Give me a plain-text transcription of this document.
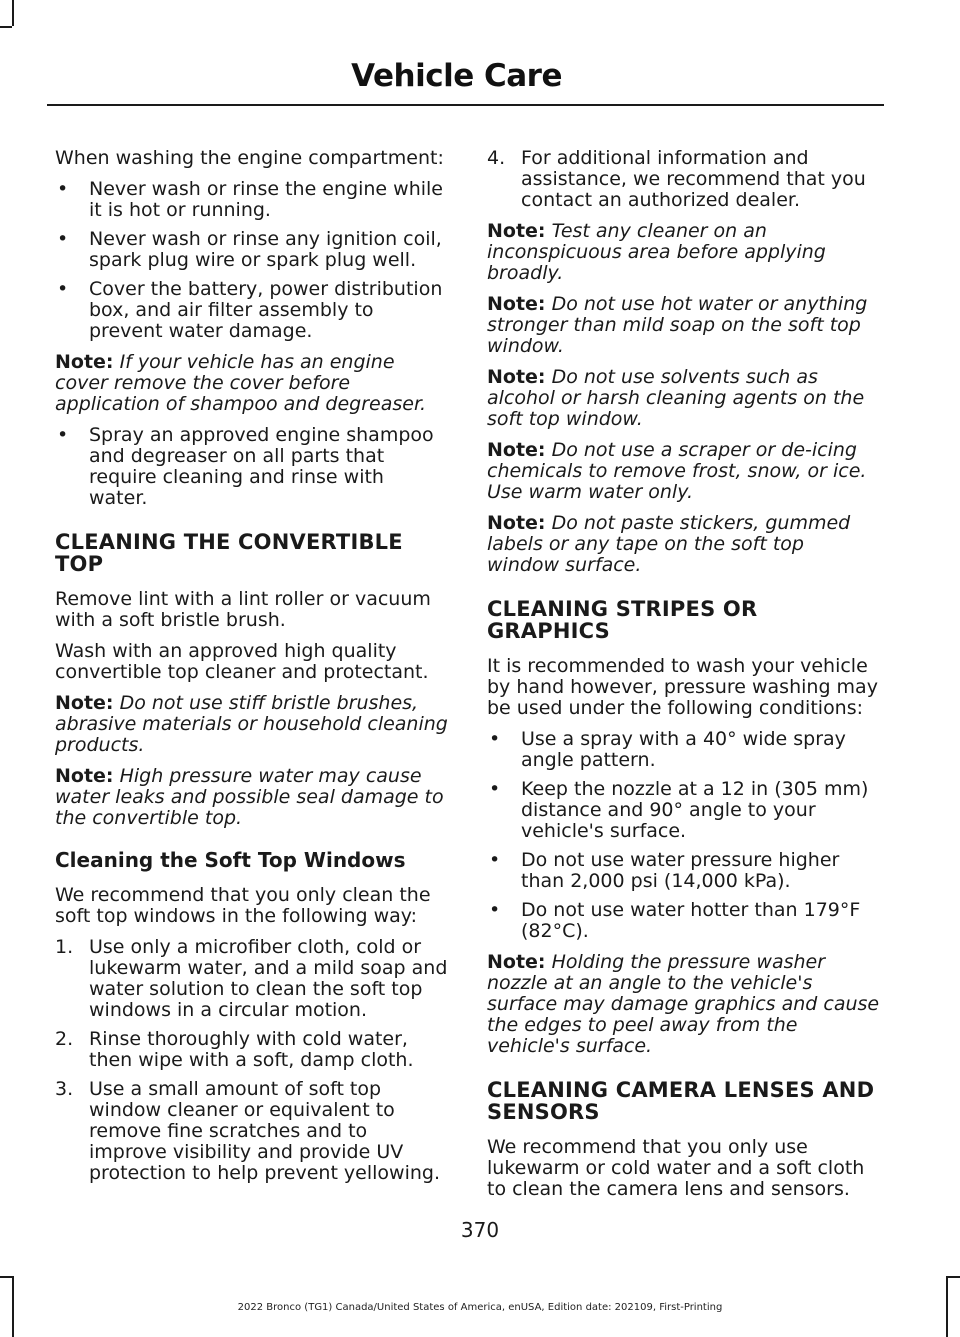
Vehicle Care

When washing the engine compartment:

• Never wash or rinse the engine while it is hot or running.
• Never wash or rinse any ignition coil, spark plug wire or spark plug well.
• Cover the battery, power distribution box, and air filter assembly to prevent water damage.

Note: If your vehicle has an engine cover remove the cover before application of shampoo and degreaser.

• Spray an approved engine shampoo and degreaser on all parts that require cleaning and rinse with water.
CLEANING THE CONVERTIBLE TOP

Remove lint with a lint roller or vacuum with a soft bristle brush.

Wash with an approved high quality convertible top cleaner and protectant.

Note: Do not use stiff bristle brushes, abrasive materials or household cleaning products.

Note: High pressure water may cause water leaks and possible seal damage to the convertible top.

Cleaning the Soft Top Windows

We recommend that you only clean the soft top windows in the following way:

1. Use only a microfiber cloth, cold or lukewarm water, and a mild soap and water solution to clean the soft top windows in a circular motion.
2. Rinse thoroughly with cold water, then wipe with a soft, damp cloth.
3. Use a small amount of soft top window cleaner or equivalent to remove fine scratches and to improve visibility and provide UV protection to help prevent yellowing.
4. For additional information and assistance, we recommend that you contact an authorized dealer.

Note: Test any cleaner on an inconspicuous area before applying broadly.

Note: Do not use hot water or anything stronger than mild soap on the soft top window.

Note: Do not use solvents such as alcohol or harsh cleaning agents on the soft top window.

Note: Do not use a scraper or de-icing chemicals to remove frost, snow, or ice. Use warm water only.

Note: Do not paste stickers, gummed labels or any tape on the soft top window surface.

CLEANING STRIPES OR GRAPHICS

It is recommended to wash your vehicle by hand however, pressure washing may be used under the following conditions:

• Use a spray with a 40° wide spray angle pattern.
• Keep the nozzle at a 12 in (305 mm) distance and 90° angle to your vehicle's surface.
• Do not use water pressure higher than 2,000 psi (14,000 kPa).
• Do not use water hotter than 179°F (82°C).

Note: Holding the pressure washer nozzle at an angle to the vehicle's surface may damage graphics and cause the edges to peel away from the vehicle's surface.

CLEANING CAMERA LENSES AND SENSORS

We recommend that you only use lukewarm or cold water and a soft cloth to clean the camera lens and sensors.

370
2022 Bronco (TG1) Canada/United States of America, enUSA, Edition date: 202109, First-Printing
